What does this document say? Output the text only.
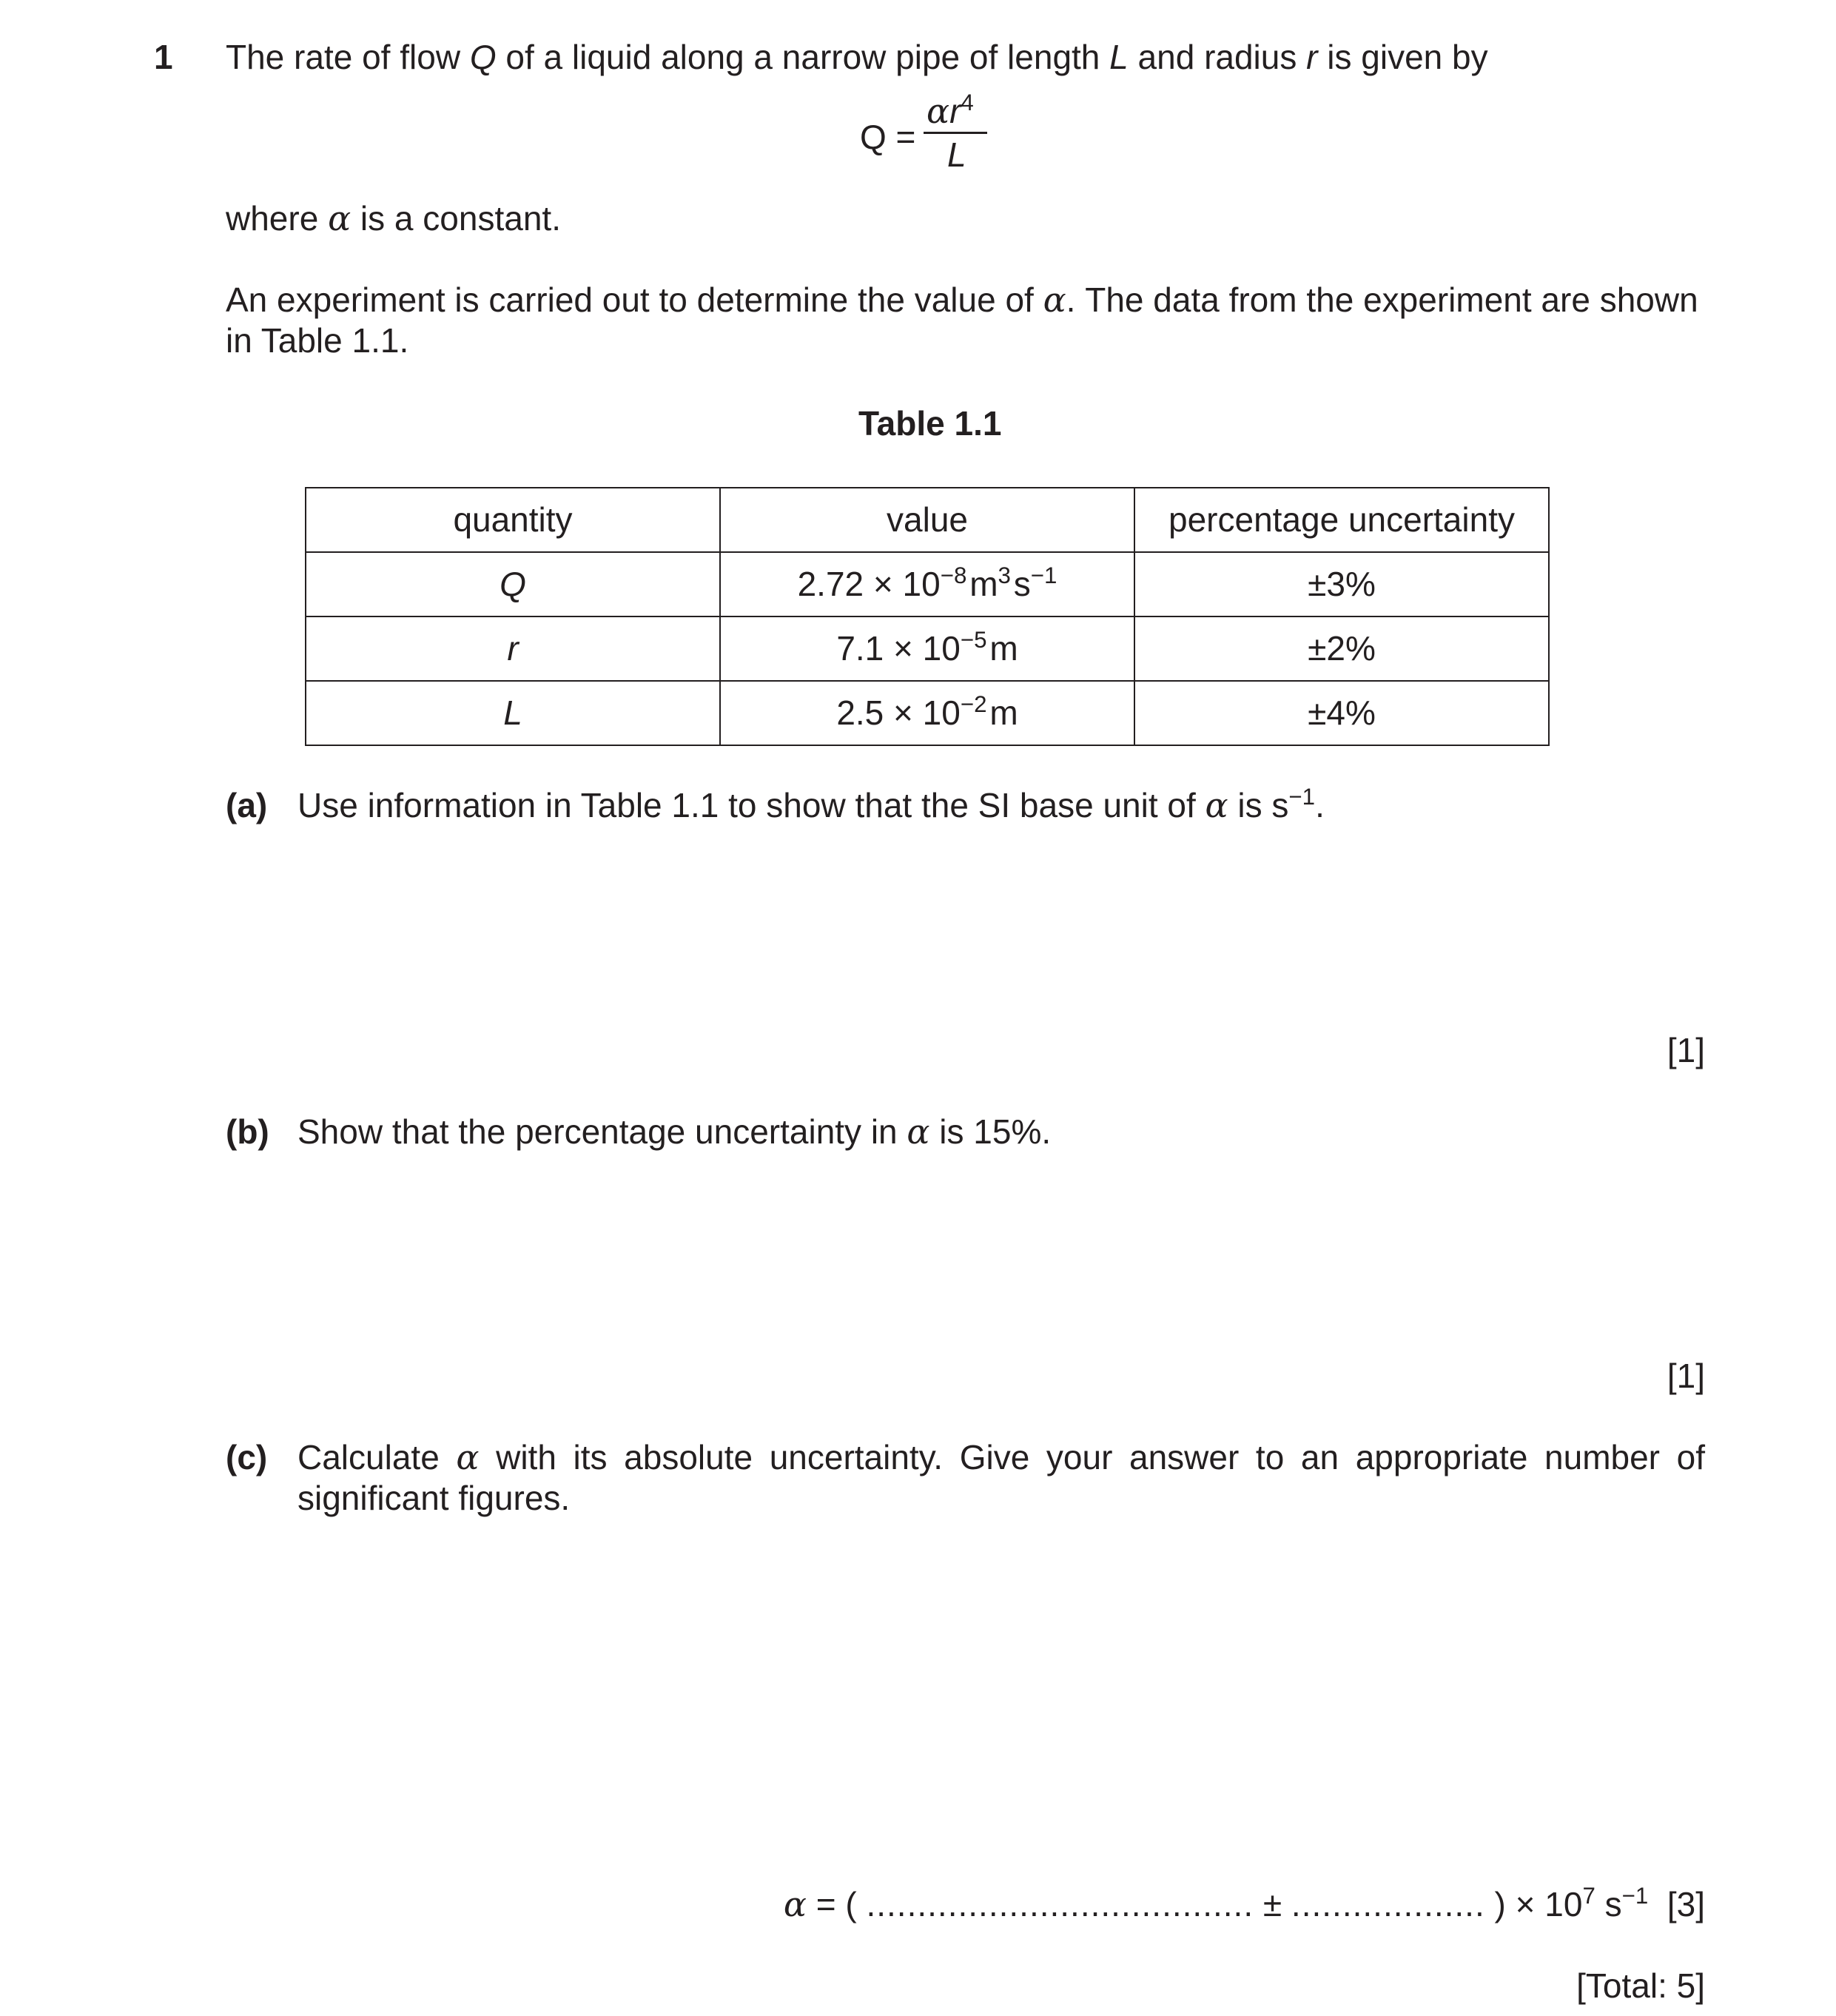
1 The rate of flow Q of a liquid along a narrow pipe of length L and radius r is given by
Q =
$\alpha r^4$
L
where α is a constant.
An experiment is carried out to determine the value of α. The data from the experiment are shown
in Table 1.1.
Table 1.1
quantity	value	percentage uncertainty
Q	$2.72 \times 10^{-8}$ $m^3$ $s^{-1}$	±3%
r	$7.1 \times 10^{-5}$ m	±2%
L	$2.5 \times 10^{-2}$ m	±4%
(a) Use information in Table 1.1 to show that the SI base unit of α is $s^{-1}$.
[1]
(b) Show that the percentage uncertainty in α is 15%.
[1]
(c) Calculate α with its absolute uncertainty. Give your answer to an appropriate number of
significant figures.
α = ( ...................................... ± ................... ) × $10^7$ $s^{-1}$ [3]
[Total: 5]
